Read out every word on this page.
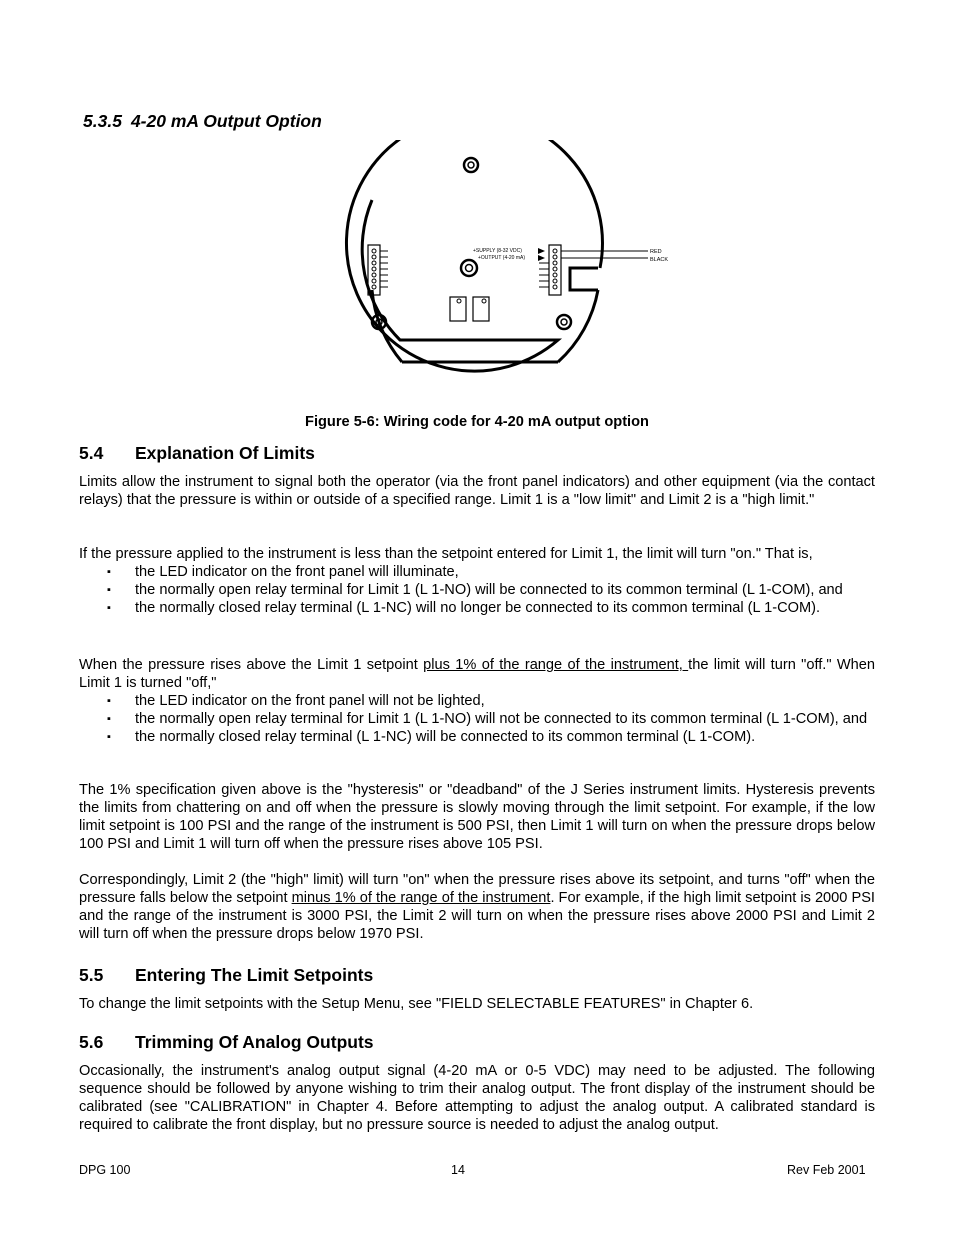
5.3.5 4-20 mA Output Option
+SUPPLY (8-32 VDC)
+OUTPUT (4-20 mA)
RED
BLACK
Figure 5-6: Wiring code for 4-20 mA output option
5.4 Explanation Of Limits

Limits allow the instrument to signal both the operator (via the front panel indicators) and other equipment (via the contact relays) that the pressure is within or outside of a specified range. Limit 1 is a "low limit" and Limit 2 is a "high limit."

If the pressure applied to the instrument is less than the setpoint entered for Limit 1, the limit will turn "on." That is,

▪ the LED indicator on the front panel will illuminate,
▪ the normally open relay terminal for Limit 1 (L 1-NO) will be connected to its common terminal (L 1-COM), and
▪ the normally closed relay terminal (L 1-NC) will no longer be connected to its common terminal (L 1-COM).

When the pressure rises above the Limit 1 setpoint plus 1% of the range of the instrument, the limit will turn "off." When Limit 1 is turned "off,"

▪ the LED indicator on the front panel will not be lighted,
▪ the normally open relay terminal for Limit 1 (L 1-NO) will not be connected to its common terminal (L 1-COM), and
▪ the normally closed relay terminal (L 1-NC) will be connected to its common terminal (L 1-COM).

The 1% specification given above is the "hysteresis" or "deadband" of the J Series instrument limits. Hysteresis prevents the limits from chattering on and off when the pressure is slowly moving through the limit setpoint. For example, if the low limit setpoint is 100 PSI and the range of the instrument is 500 PSI, then Limit 1 will turn on when the pressure drops below 100 PSI and Limit 1 will turn off when the pressure rises above 105 PSI.

Correspondingly, Limit 2 (the "high" limit) will turn "on" when the pressure rises above its setpoint, and turns "off" when the pressure falls below the setpoint minus 1% of the range of the instrument. For example, if the high limit setpoint is 2000 PSI and the range of the instrument is 3000 PSI, the Limit 2 will turn on when the pressure rises above 2000 PSI and Limit 2 will turn off when the pressure drops below 1970 PSI.

5.5 Entering The Limit Setpoints

To change the limit setpoints with the Setup Menu, see "FIELD SELECTABLE FEATURES" in Chapter 6.

5.6 Trimming Of Analog Outputs

Occasionally, the instrument's analog output signal (4-20 mA or 0-5 VDC) may need to be adjusted. The following sequence should be followed by anyone wishing to trim their analog output. The front display of the instrument should be calibrated (see "CALIBRATION" in Chapter 4. Before attempting to adjust the analog output. A calibrated standard is required to calibrate the front display, but no pressure source is needed to adjust the analog output.

DPG 100	14	Rev Feb 2001
